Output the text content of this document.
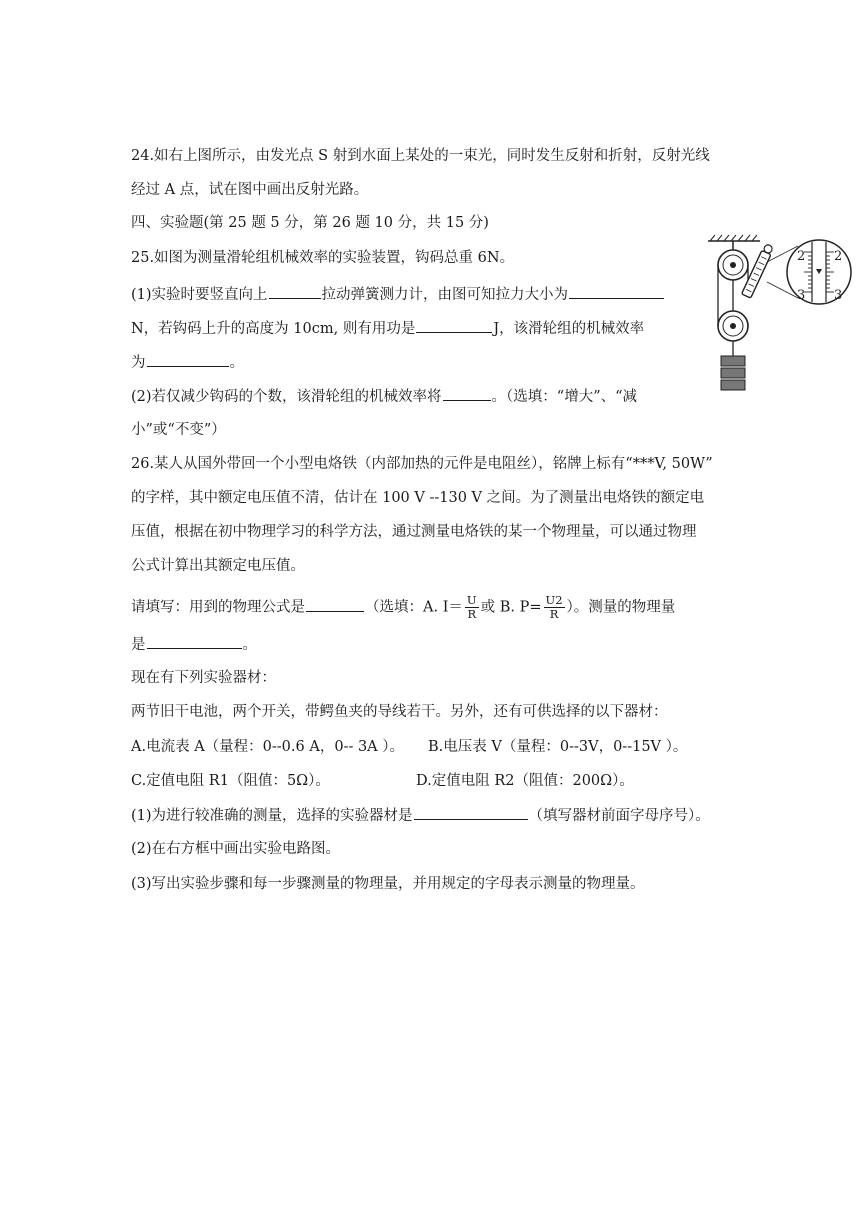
24.如右上图所示，由发光点 S 射到水面上某处的一束光，同时发生反射和折射，反射光线
经过 A 点，试在图中画出反射光路。
四、实验题(第 25 题 5 分，第 26 题 10 分，共 15 分)
25.如图为测量滑轮组机械效率的实验装置，钩码总重 6N。
(1)实验时要竖直向上	拉动弹簧测力计，由图可知拉力大小为
N，若钩码上升的高度为 10cm, 则有用功是	J，该滑轮组的机械效率
为	。
(2)若仅减少钩码的个数，该滑轮组的机械效率将	。（选填：“增大”、“减
小”或“不变”）
2 2
3 3
26.某人从国外带回一个小型电烙铁（内部加热的元件是电阻丝），铭牌上标有“***V, 50W”
的字样，其中额定电压值不清，估计在 100 V --130 V 之间。为了测量出电烙铁的额定电
压值，根据在初中物理学习的科学方法，通过测量电烙铁的某一个物理量，可以通过物理
公式计算出其额定电压值。
请填写：用到的物理公式是	（选填：A. $I= \frac{U}{R}$ 或 B. $P= \frac{U2}{R}$ ）。测量的物理量
是	。
现在有下列实验器材：
两节旧干电池，两个开关，带鳄鱼夹的导线若干。另外，还有可供选择的以下器材：
A.电流表 A（量程：0--0.6 A，0-- 3A ）。 B.电压表 V（量程：0--3V，0--15V ）。
C.定值电阻 R1（阻值：5Ω）。	D.定值电阻 R2（阻值：200Ω）。
(1)为进行较准确的测量，选择的实验器材是	（填写器材前面字母序号）。
(2)在右方框中画出实验电路图。
(3)写出实验步骤和每一步骤测量的物理量，并用规定的字母表示测量的物理量。
